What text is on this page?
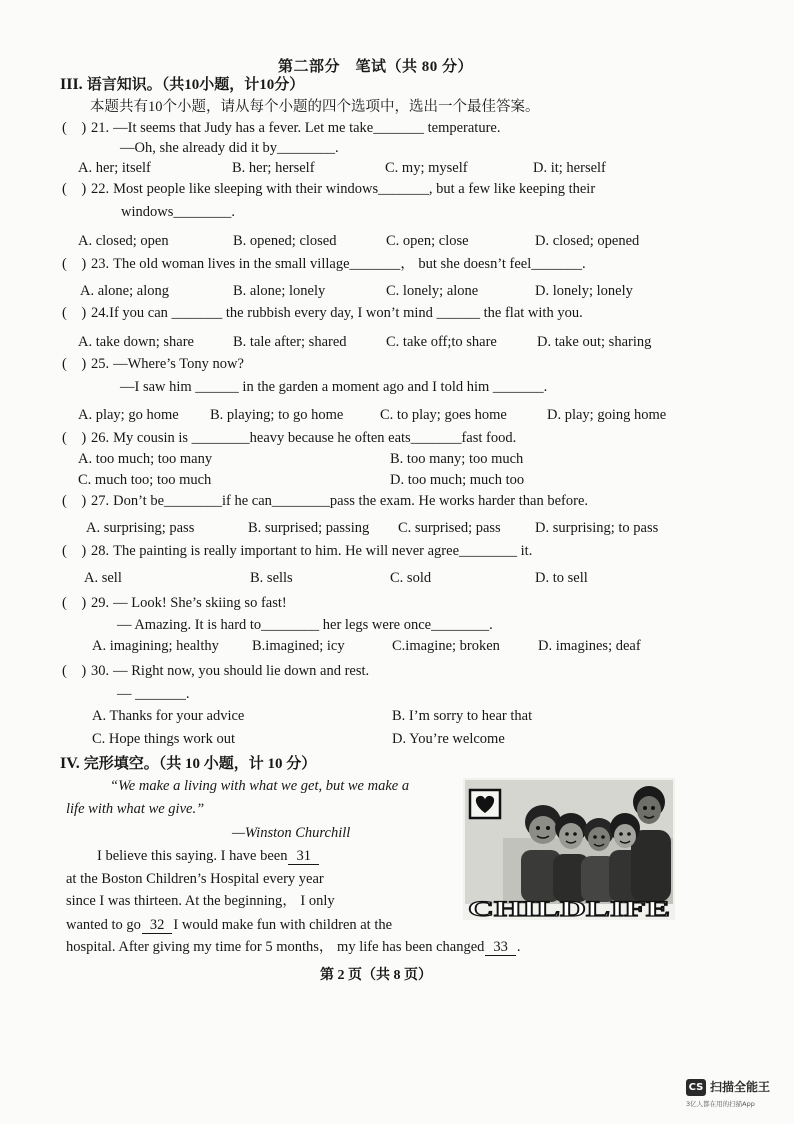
第二部分　笔试（共 80 分）
III. 语言知识。（共10小题，计10分）
本题共有10个小题，请从每个小题的四个选项中，选出一个最佳答案。
(　) 21. —It seems that Judy has a fever. Let me take_______ temperature.
—Oh, she already did it by________.
A. her; itself	B. her; herself	C. my; myself	D. it; herself
(　) 22. Most people like sleeping with their windows_______, but a few like keeping their
windows________.
A. closed; open	B. opened; closed	C. open; close	D. closed; opened
(　) 23. The old woman lives in the small village_______， but she doesn’t feel_______.
A. alone; along	B. alone; lonely	C. lonely; alone	D. lonely; lonely
(　) 24.If you can _______ the rubbish every day, I won’t mind ______ the flat with you.
A. take down; share	B. tale after; shared	C. take off;to share	D. take out; sharing
(　) 25. —Where’s Tony now?
—I saw him ______ in the garden a moment ago and I told him _______.
A. play; go home B. playing; to go home	C. to play; goes home	D. play; going home
(　) 26. My cousin is ________heavy because he often eats_______fast food.
A. too much; too many	B. too many; too much
C. much too; too much	D. too much; much too
(　) 27. Don’t be________if he can________pass the exam. He works harder than before.
A. surprising; pass	B. surprised; passing C. surprised; pass D. surprising; to pass
(　) 28. The painting is really important to him. He will never agree________ it.
A. sell	B. sells	C. sold	D. to sell
(　) 29. — Look! She’s skiing so fast!
— Amazing. It is hard to________ her legs were once________.
A. imagining; healthy B.imagined; icy	C.imagine; broken	D. imagines; deaf
(　) 30. — Right now, you should lie down and rest.
— _______.
A. Thanks for your advice	B. I’m sorry to hear that
C. Hope things work out	D. You’re welcome
IV. 完形填空。（共 10 小题，计 10 分）
“We make a living with what we get, but we make a
life with what we give.”
—Winston Churchill
I believe this saying. I have been 31
at the Boston Children’s Hospital every year
since I was thirteen. At the beginning， I only
wanted to go 32 I would make fun with children at the
hospital. After giving my time for 5 months， my life has been changed 33 .
CHILDLIFE
第 2 页（共 8 页）
CS 扫描全能王
3亿人都在用的扫描App
